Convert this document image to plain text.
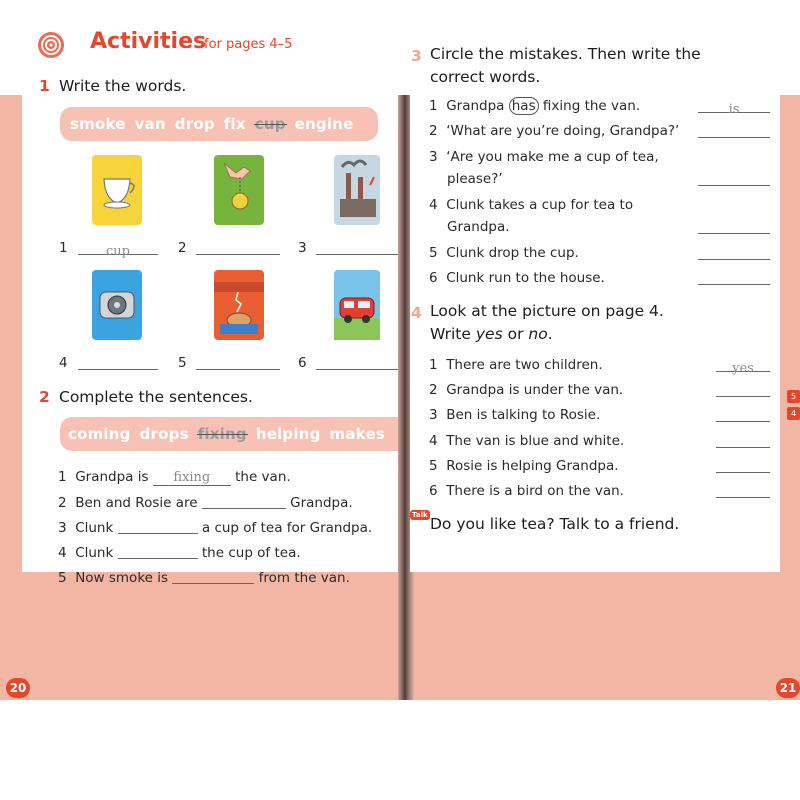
Activities
for pages 4–5
1 Write the words.
smoke van drop fix cup engine
1	cup	2	3
4	5	6
2 Complete the sentences.
coming drops fixing helping makes
1 Grandpa is fixing the van.
2 Ben and Rosie are	Grandpa.
3 Clunk	a cup of tea for Grandpa.
4 Clunk	the cup of tea.
5 Now smoke is	from the van.
20
3 Circle the mistakes. Then write the
correct words.
1 Grandpa has fixing the van.	is
2 ‘What are you’re doing, Grandpa?’
3 ‘Are you make me a cup of tea,
please?’
4 Clunk takes a cup for tea to
Grandpa.
5 Clunk drop the cup.
6 Clunk run to the house.
4 Look at the picture on page 4.
Write yes or no.
1 There are two children.	yes
2 Grandpa is under the van.
3 Ben is talking to Rosie.
4 The van is blue and white.
5 Rosie is helping Grandpa.
6 There is a bird on the van.
Talk Do you like tea? Talk to a friend.
5
4
21
